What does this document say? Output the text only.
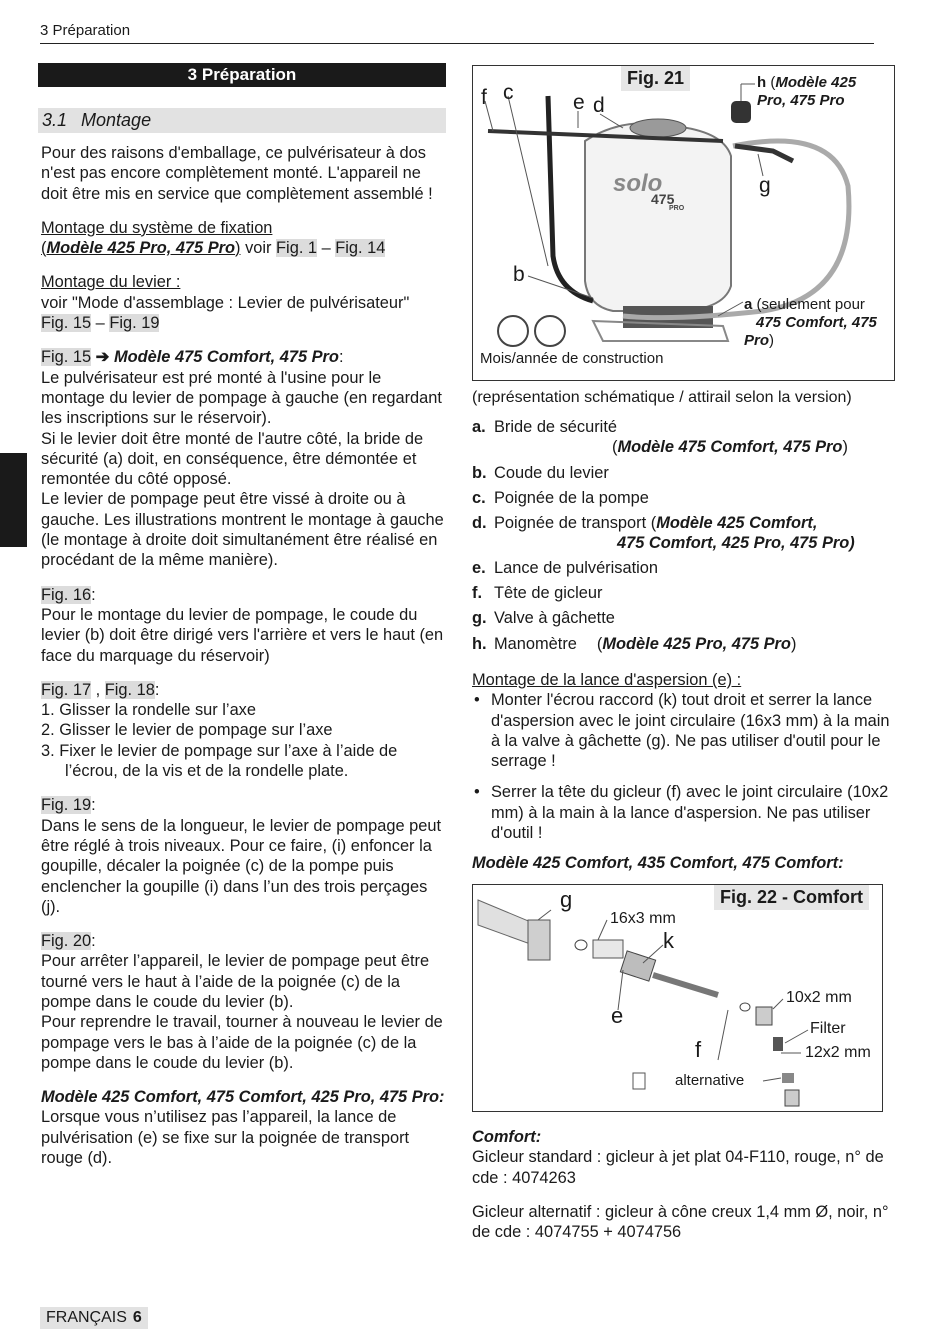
3 Préparation
3 Préparation
3.1 Montage

Pour des raisons d'emballage, ce pulvérisateur à dos n'est pas encore complètement monté. L'appareil ne doit être mis en service que complètement assemblé !

Montage du système de fixation

(Modèle 425 Pro, 475 Pro) voir Fig. 1 – Fig. 14

Montage du levier :

voir "Mode d'assemblage : Levier de pulvérisateur"

Fig. 15 – Fig. 19

Fig. 15 ➔ Modèle 475 Comfort, 475 Pro:

Le pulvérisateur est pré monté à l'usine pour le montage du levier de pompage à gauche (en regardant les inscriptions sur le réservoir).

Si le levier doit être monté de l'autre côté, la bride de sécurité (a) doit, en conséquence, être démontée et remontée du côté opposé.

Le levier de pompage peut être vissé à droite ou à gauche. Les illustrations montrent le montage à gauche (le montage à droite doit simultanément être réalisé en procédant de la même manière).

Fig. 16:

Pour le montage du levier de pompage, le coude du levier (b) doit être dirigé vers l'arrière et vers le haut (en face du marquage du réservoir)

Fig. 17 , Fig. 18:

1. Glisser la rondelle sur l’axe

2. Glisser le levier de pompage sur l’axe

3. Fixer le levier de pompage sur l’axe à l’aide de

l’écrou, de la vis et de la rondelle plate.

Fig. 19:

Dans le sens de la longueur, le levier de pompage peut être réglé à trois niveaux. Pour ce faire, (i) enfoncer la goupille, décaler la poignée (c) de la pompe puis enclencher la goupille (i) dans l’un des trois perçages (j).

Fig. 20:

Pour arrêter l’appareil, le levier de pompage peut être tourné vers le haut à l’aide de la poignée (c) de la pompe dans le coude du levier (b).

Pour reprendre le travail, tourner à nouveau le levier de pompage vers le bas à l’aide de la poignée (c) de la pompe dans le coude du levier (b).

Modèle 425 Comfort, 475 Comfort, 425 Pro, 475 Pro:

Lorsque vous n’utilisez pas l’appareil, la lance de pulvérisation (e) se fixe sur la poignée de transport rouge (d).

Fig. 21
f c	e d
b
g
solo
475
PRO
h (Modèle 425 Pro, 475 Pro
a (seulement pour
475 Comfort, 475 Pro)
Mois/année de construction
(représentation schématique / attirail selon la version)
a. Bride de sécurité
(Modèle 475 Comfort, 475 Pro)
b. Coude du levier
c. Poignée de la pompe
d. Poignée de transport (Modèle 425 Comfort,
475 Comfort, 425 Pro, 475 Pro)
e. Lance de pulvérisation
f. Tête de gicleur
g. Valve à gâchette
h. Manomètre (Modèle 425 Pro, 475 Pro)

Montage de la lance d'aspersion (e) :

• Monter l'écrou raccord (k) tout droit et serrer la lance d'aspersion avec le joint circulaire (16x3 mm) à la main à la valve à gâchette (g). Ne pas utiliser d'outil pour le serrage !
• Serrer la tête du gicleur (f) avec le joint circulaire (10x2 mm) à la main à la lance d'aspersion. Ne pas utiliser d'outil !

Modèle 425 Comfort, 435 Comfort, 475 Comfort:

Fig. 22 - Comfort
g
16x3 mm
k
10x2 mm
e
Filter
12x2 mm
f
alternative

Comfort:

Gicleur standard : gicleur à jet plat 04-F110, rouge, n° de cde : 4074263

Gicleur alternatif : gicleur à cône creux 1,4 mm Ø, noir, n° de cde : 4074755 + 4074756

FRANÇAIS 6
